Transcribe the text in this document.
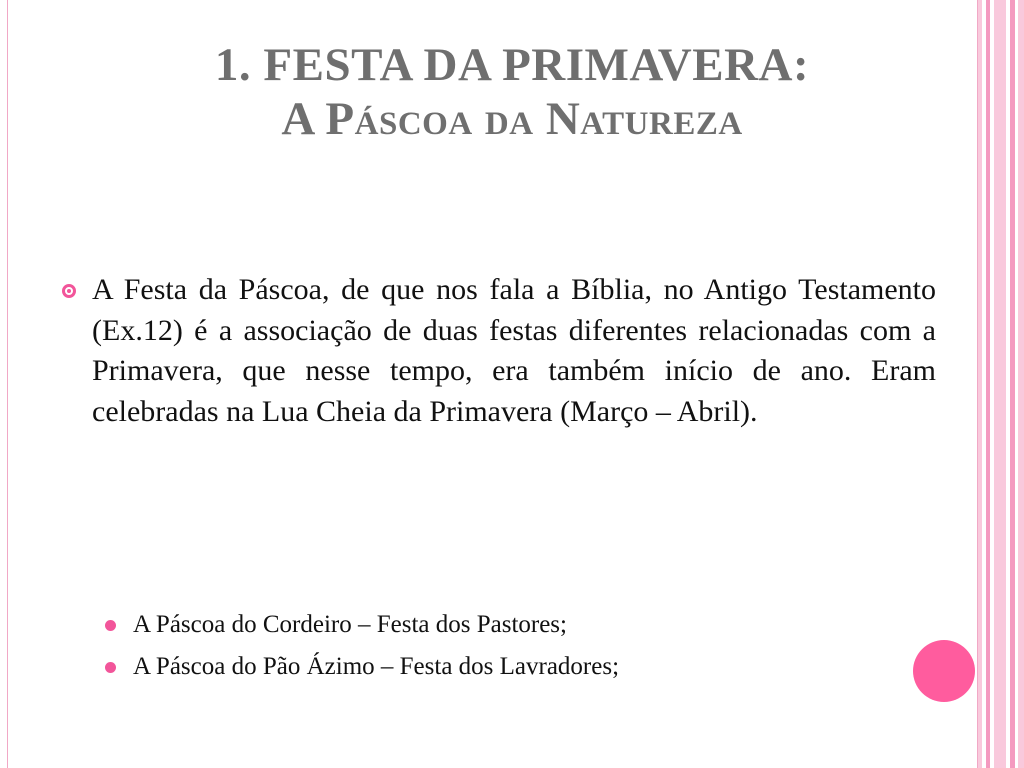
1. FESTA DA PRIMAVERA:
A Páscoa da Natureza
A Festa da Páscoa, de que nos fala a Bíblia, no Antigo Testamento (Ex.12) é a associação de duas festas diferentes relacionadas com a Primavera, que nesse tempo, era também início de ano. Eram celebradas na Lua Cheia da Primavera (Março – Abril).
A Páscoa do Cordeiro – Festa dos Pastores;
A Páscoa do Pão Ázimo – Festa dos Lavradores;
